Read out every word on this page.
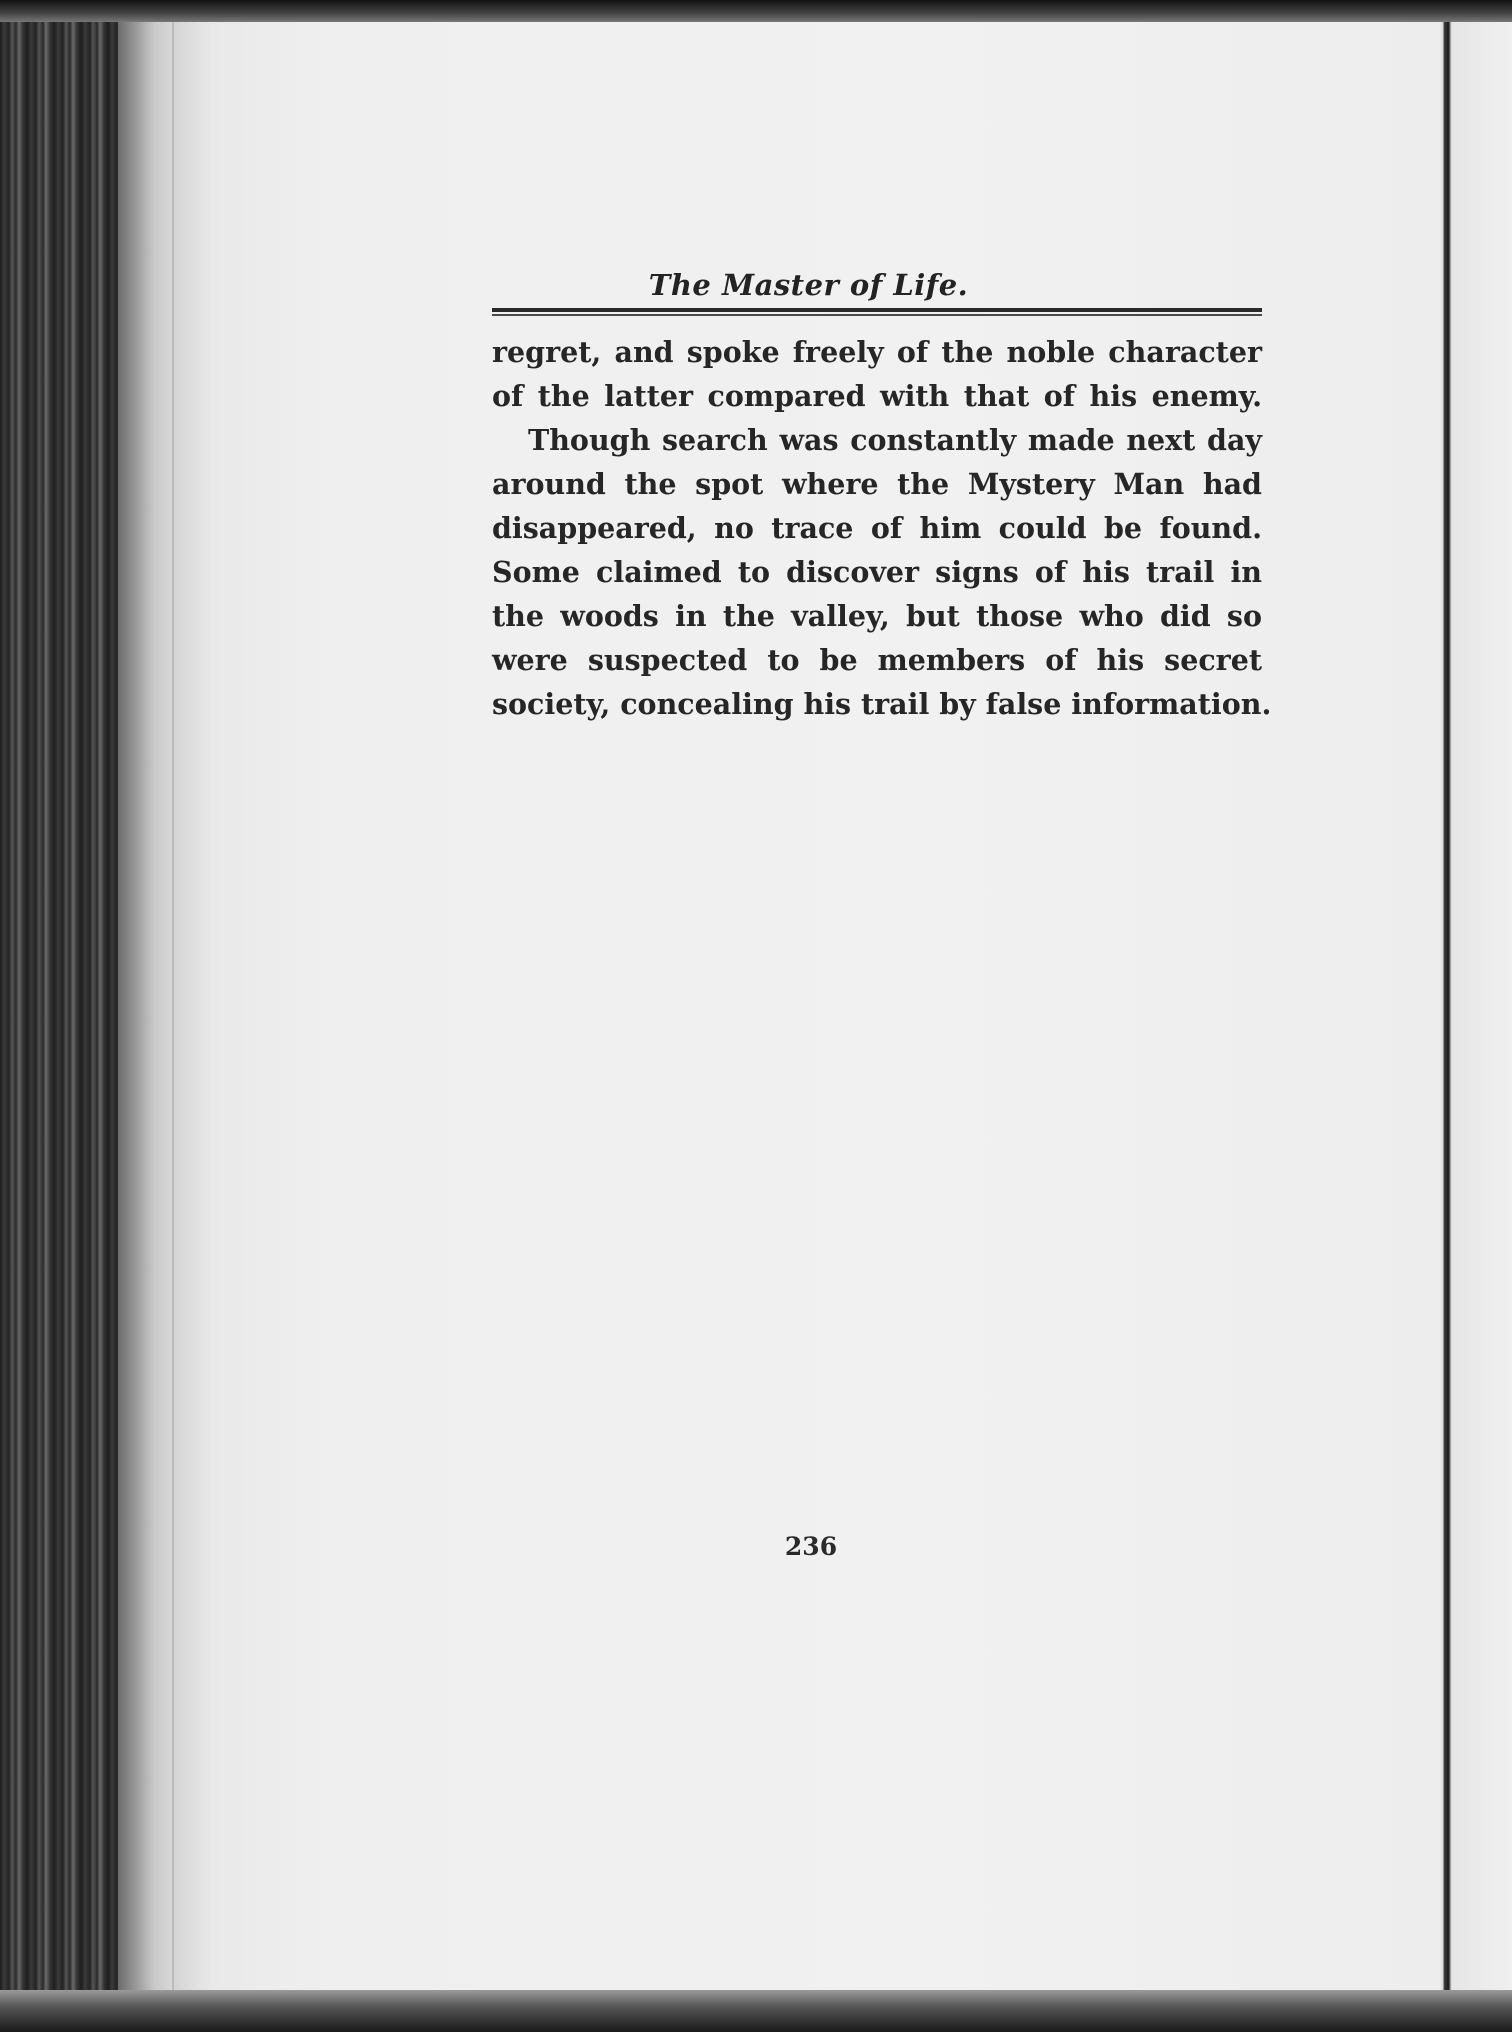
The Master of Life.
regret, and spoke freely of the noble character
of the latter compared with that of his enemy.
Though search was constantly made next day
around the spot where the Mystery Man had
disappeared, no trace of him could be found.
Some claimed to discover signs of his trail in
the woods in the valley, but those who did so
were suspected to be members of his secret
society, concealing his trail by false information.
236
